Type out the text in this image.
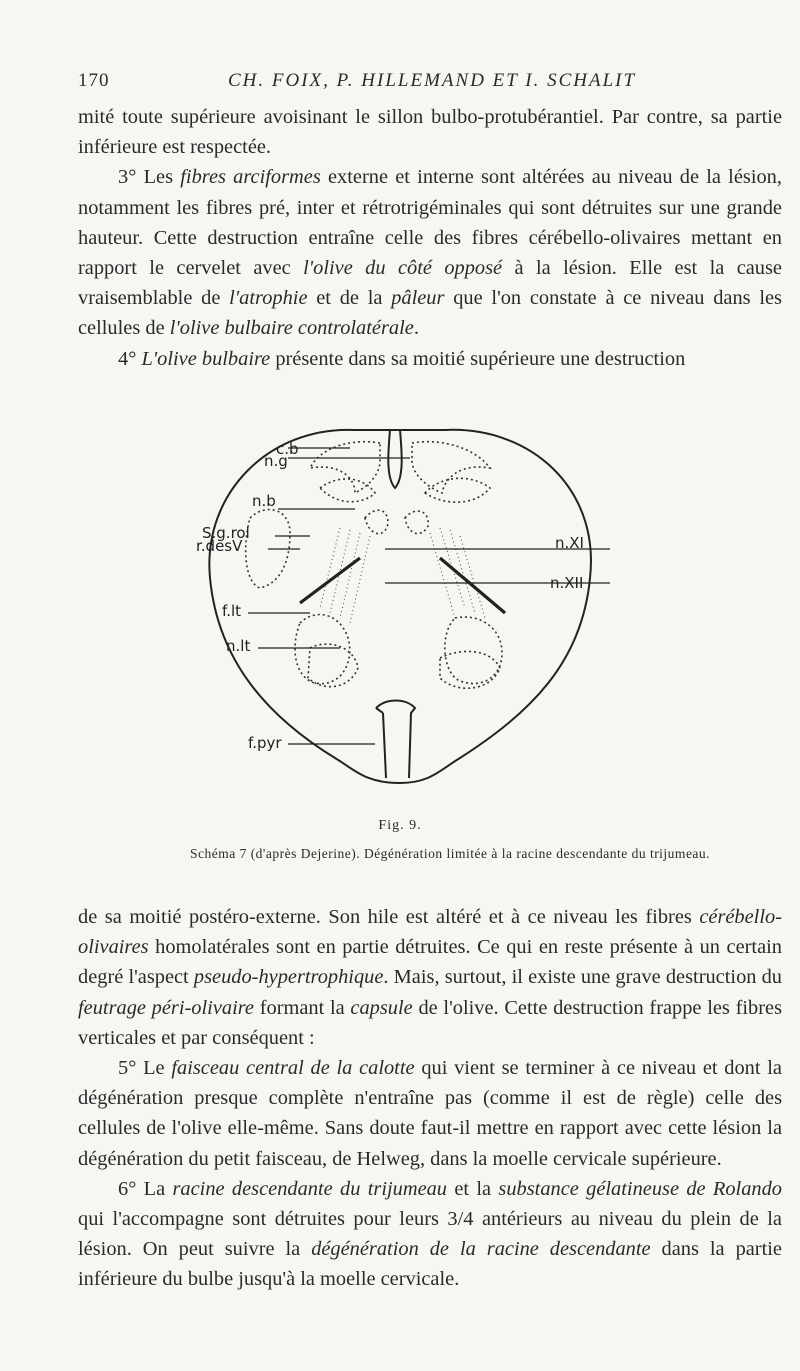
170	CH. FOIX, P. HILLEMAND ET I. SCHALIT

mité toute supérieure avoisinant le sillon bulbo-protubérantiel. Par contre, sa partie inférieure est respectée.

3° Les fibres arciformes externe et interne sont altérées au niveau de la lésion, notamment les fibres pré, inter et rétrotrigéminales qui sont détruites sur une grande hauteur. Cette destruction entraîne celle des fibres cérébello-olivaires mettant en rapport le cervelet avec l'olive du côté opposé à la lésion. Elle est la cause vraisemblable de l'atrophie et de la pâleur que l'on constate à ce niveau dans les cellules de l'olive bulbaire controlatérale.

4° L'olive bulbaire présente dans sa moitié supérieure une destruction

c.b
n.g
n.b
S.g.rol
r.desV
f.lt
n.lt
f.pyr
n.XI
n.XII
Fig. 9.
Schéma 7 (d'après Dejerine). Dégénération limitée à la racine descendante du trijumeau.

de sa moitié postéro-externe. Son hile est altéré et à ce niveau les fibres cérébello-olivaires homolatérales sont en partie détruites. Ce qui en reste présente à un certain degré l'aspect pseudo-hypertrophique. Mais, surtout, il existe une grave destruction du feutrage péri-olivaire formant la capsule de l'olive. Cette destruction frappe les fibres verticales et par conséquent :

5° Le faisceau central de la calotte qui vient se terminer à ce niveau et dont la dégénération presque complète n'entraîne pas (comme il est de règle) celle des cellules de l'olive elle-même. Sans doute faut-il mettre en rapport avec cette lésion la dégénération du petit faisceau, de Helweg, dans la moelle cervicale supérieure.

6° La racine descendante du trijumeau et la substance gélatineuse de Rolando qui l'accompagne sont détruites pour leurs 3/4 antérieurs au niveau du plein de la lésion. On peut suivre la dégénération de la racine descendante dans la partie inférieure du bulbe jusqu'à la moelle cervicale.
